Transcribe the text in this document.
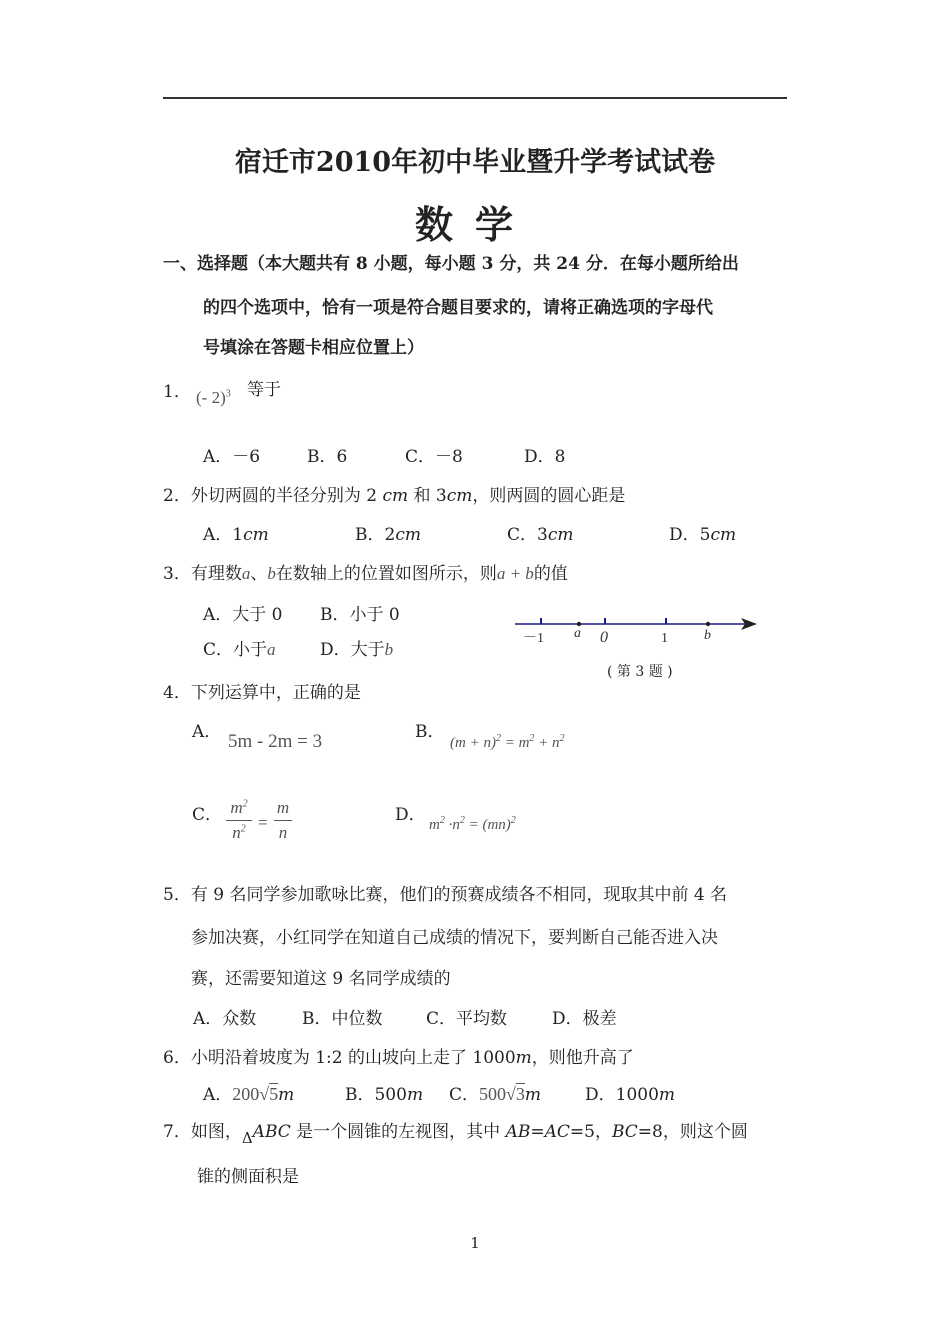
宿迁市2010年初中毕业暨升学考试试卷
数学
一、选择题（本大题共有 8 小题，每小题 3 分，共 24 分．在每小题所给出
的四个选项中，恰有一项是符合题目要求的，请将正确选项的字母代
号填涂在答题卡相应位置上）
1． (- 2)$^3$ 等于
A．－6	B．6	C．－8	D．8
2．外切两圆的半径分别为 2 cm 和 3cm，则两圆的圆心距是
A．1cm	B．2cm	C．3cm	D．5cm
3．有理数a、b在数轴上的位置如图所示，则a + b的值
A．大于 0 B．小于 0
C．小于a	D．大于b
－1 a 0	1	b
( 第 3 题 )
4．下列运算中，正确的是
A． 5m - 2m = 3	B．
$(m + n)^2 = m^2 + n^2$
C． $m^2$
$n^2$ =
m
n
D． $m^2 \cdot n^2 = (mn)^2$
5．有 9 名同学参加歌咏比赛，他们的预赛成绩各不相同，现取其中前 4 名
参加决赛，小红同学在知道自己成绩的情况下，要判断自己能否进入决
赛，还需要知道这 9 名同学成绩的
A．众数	B．中位数	C．平均数	D．极差
6．小明沿着坡度为 1:2 的山坡向上走了 1000m，则他升高了
A．200√5m	B．500m C．500√3m	D．1000m
7．如图，ΔABC 是一个圆锥的左视图，其中 AB=AC=5，BC=8，则这个圆
锥的侧面积是
1
